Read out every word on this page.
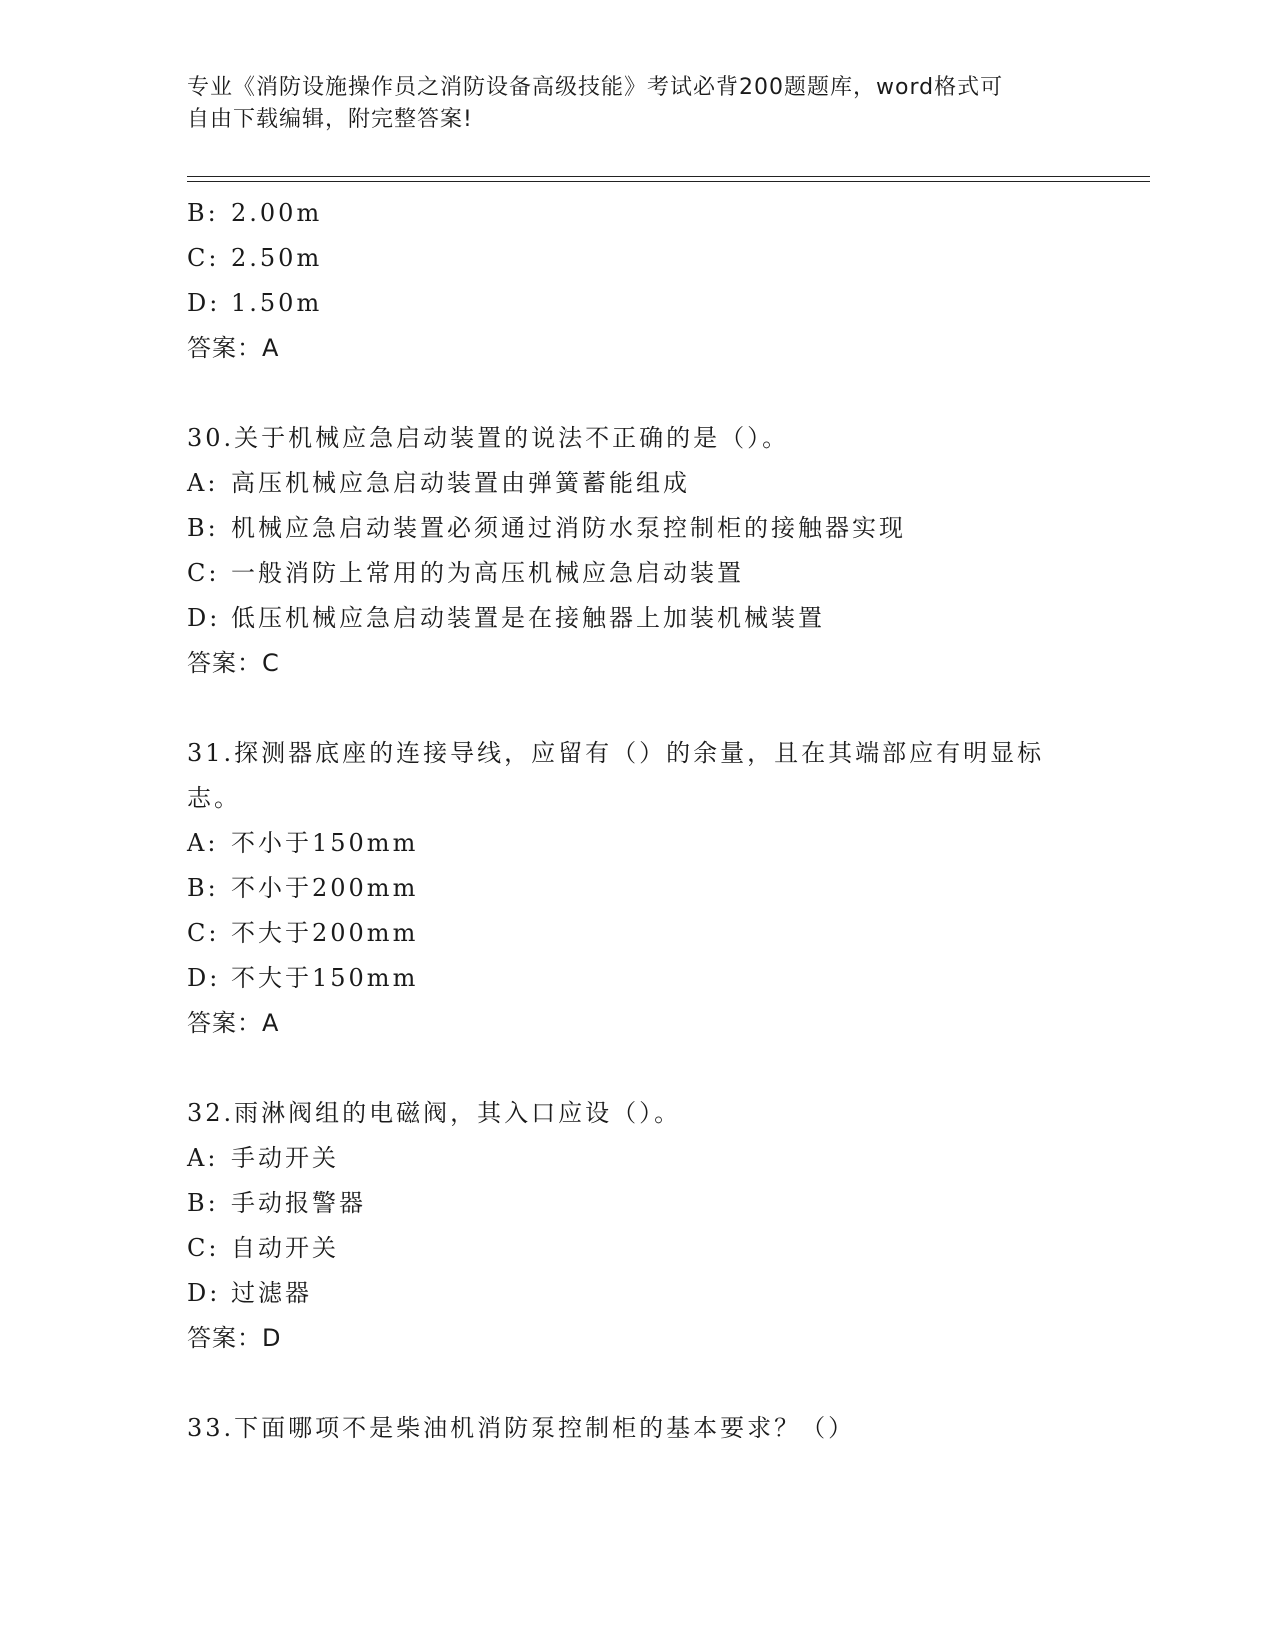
专业《消防设施操作员之消防设备高级技能》考试必背200题题库，word格式可
自由下载编辑，附完整答案!
B: 2.00m
C: 2.50m
D: 1.50m
答案：A
30.关于机械应急启动装置的说法不正确的是（）。
A: 高压机械应急启动装置由弹簧蓄能组成
B: 机械应急启动装置必须通过消防水泵控制柜的接触器实现
C: 一般消防上常用的为高压机械应急启动装置
D: 低压机械应急启动装置是在接触器上加装机械装置
答案：C
31.探测器底座的连接导线，应留有（）的余量，且在其端部应有明显标志。
A: 不小于150mm
B: 不小于200mm
C: 不大于200mm
D: 不大于150mm
答案：A
32.雨淋阀组的电磁阀，其入口应设（）。
A: 手动开关
B: 手动报警器
C: 自动开关
D: 过滤器
答案：D
33.下面哪项不是柴油机消防泵控制柜的基本要求？（）
